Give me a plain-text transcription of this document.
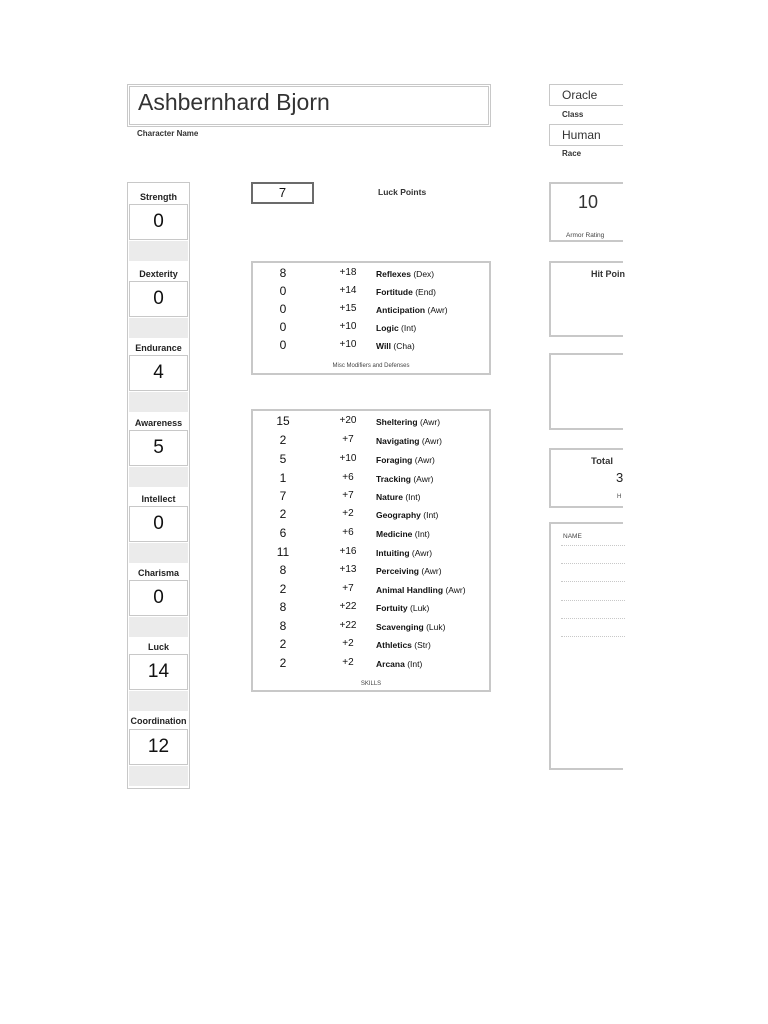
Ashbernhard Bjorn
Character Name
Oracle
Class
Human
Race
Strength
0
Dexterity
0
Endurance
4
Awareness
5
Intellect
0
Charisma
0
Luck
14
Coordination
12
7	Luck Points
8	+18	Reflexes (Dex)
0	+14	Fortitude (End)
0	+15	Anticipation (Awr)
0	+10	Logic (Int)
0	+10	Will (Cha)
Misc Modifiers and Defenses
15	+20	Sheltering (Awr)
2	+7	Navigating (Awr)
5	+10	Foraging (Awr)
1	+6	Tracking (Awr)
7	+7	Nature (Int)
2	+2	Geography (Int)
6	+6	Medicine (Int)
11	+16	Intuiting (Awr)
8	+13	Perceiving (Awr)
2	+7	Animal Handling (Awr)
8	+22	Fortuity (Luk)
8	+22	Scavenging (Luk)
2	+2	Athletics (Str)
2	+2	Arcana (Int)
SKILLS
10
Armor Rating
Hit Poin
Total
3
H
NAME
